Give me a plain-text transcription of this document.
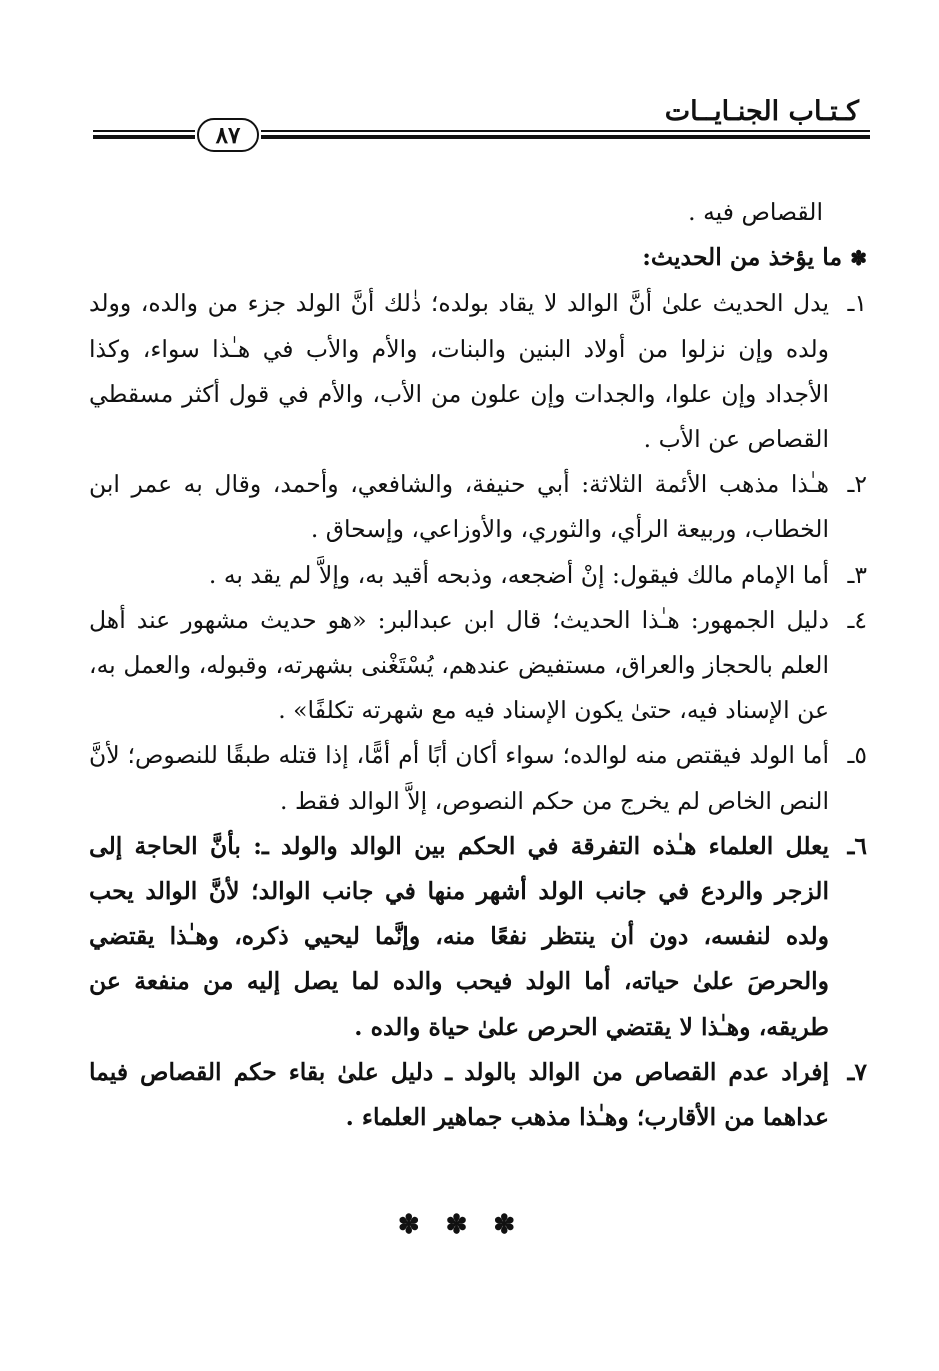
كـتـاب الجنـايــات
٨٧

القصاص فيه .

✽ ما يؤخذ من الحديث:

١ـ
يدل الحديث علىٰ أنَّ الوالد لا يقاد بولده؛ ذٰلك أنَّ الولد جزء من والده، وولد ولده وإن نزلوا من أولاد البنين والبنات، والأم والأب في هـٰذا سواء، وكذا الأجداد وإن علوا، والجدات وإن علون من الأب، والأم في قول أكثر مسقطي القصاص عن الأب .
٢ـ
هـٰذا مذهب الأئمة الثلاثة: أبي حنيفة، والشافعي، وأحمد، وقال به عمر ابن الخطاب، وربيعة الرأي، والثوري، والأوزاعي، وإسحاق .
٣ـ
أما الإمام مالك فيقول: إنْ أضجعه، وذبحه أقيد به، وإلاَّ لم يقد به .
٤ـ
دليل الجمهور: هـٰذا الحديث؛ قال ابن عبدالبر: «هو حديث مشهور عند أهل العلم بالحجاز والعراق، مستفيض عندهم، يُسْتَغْنى بشهرته، وقبوله، والعمل به، عن الإسناد فيه، حتىٰ يكون الإسناد فيه مع شهرته تكلفًا» .
٥ـ
أما الولد فيقتص منه لوالده؛ سواء أكان أبًا أم أمًّا، إذا قتله طبقًا للنصوص؛ لأنَّ النص الخاص لم يخرج من حكم النصوص، إلاَّ الوالد فقط .
٦ـ
يعلل العلماء هـٰذه التفرقة في الحكم بين الوالد والولد ـ: بأنَّ الحاجة إلى الزجر والردع في جانب الولد أشهر منها في جانب الوالد؛ لأنَّ الوالد يحب ولده لنفسه، دون أن ينتظر نفعًا منه، وإنَّما ليحيي ذكره، وهـٰذا يقتضي والحرصَ علىٰ حياته، أما الولد فيحب والده لما يصل إليه من منفعة عن طريقه، وهـٰذا لا يقتضي الحرص علىٰ حياة والده .
٧ـ
إفراد عدم القصاص من الوالد بالولد ـ دليل علىٰ بقاء حكم القصاص فيما عداهما من الأقارب؛ وهـٰذا مذهب جماهير العلماء .
✽✽✽
